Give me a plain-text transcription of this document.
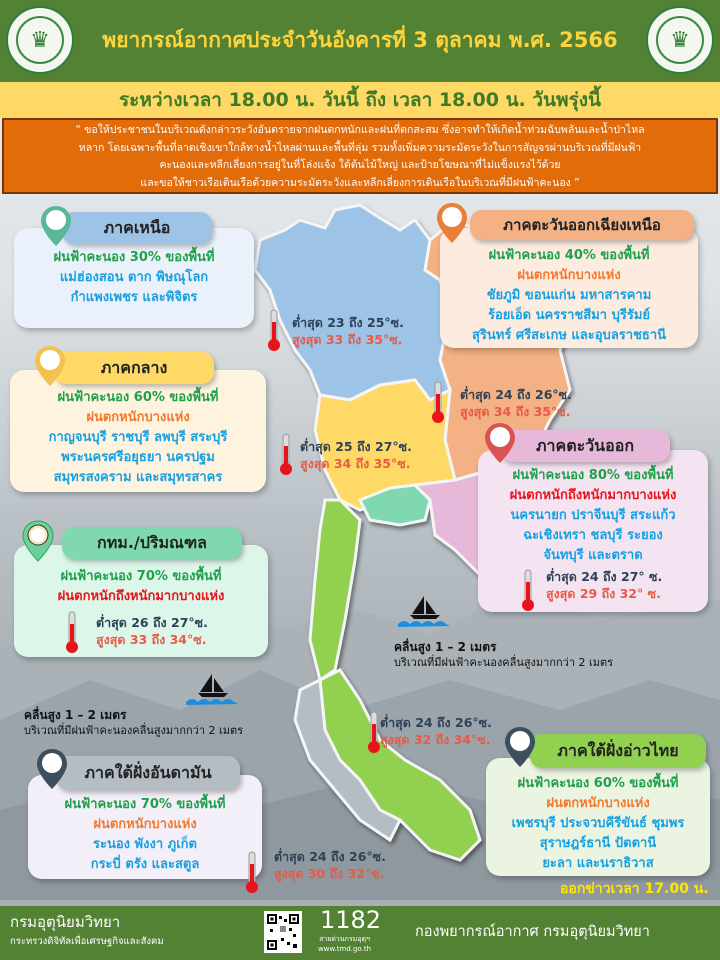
♛	พยากรณ์อากาศประจำวันอังคารที่ 3 ตุลาคม พ.ศ. 2566	♛
ระหว่างเวลา 18.00 น. วันนี้ ถึง เวลา 18.00 น. วันพรุ่งนี้
“ ขอให้ประชาชนในบริเวณดังกล่าวระวังอันตรายจากฝนตกหนักและฝนที่ตกสะสม ซึ่งอาจทำให้เกิดน้ำท่วมฉับพลันและน้ำป่าไหล
หลาก โดยเฉพาะพื้นที่ลาดเชิงเขาใกล้ทางน้ำไหลผ่านและพื้นที่ลุ่ม รวมทั้งเพิ่มความระมัดระวังในการสัญจรผ่านบริเวณที่มีฝนฟ้า
คะนองและหลีกเลี่ยงการอยู่ในที่โล่งแจ้ง ใต้ต้นไม้ใหญ่ และป้ายโฆษณาที่ไม่แข็งแรงไว้ด้วย
และขอให้ชาวเรือเดินเรือด้วยความระมัดระวังและหลีกเลี่ยงการเดินเรือในบริเวณที่มีฝนฟ้าคะนอง ”
ฝนฟ้าคะนอง 30% ของพื้นที่
แม่ฮ่องสอน ตาก พิษณุโลก
กำแพงเพชร และพิจิตร
ภาคเหนือ
ฝนฟ้าคะนอง 40% ของพื้นที่
ฝนตกหนักบางแห่ง
ชัยภูมิ ขอนแก่น มหาสารคาม
ร้อยเอ็ด นครราชสีมา บุรีรัมย์
สุรินทร์ ศรีสะเกษ และอุบลราชธานี
ภาคตะวันออกเฉียงเหนือ
ฝนฟ้าคะนอง 60% ของพื้นที่
ฝนตกหนักบางแห่ง
กาญจนบุรี ราชบุรี ลพบุรี สระบุรี
พระนครศรีอยุธยา นครปฐม
สมุทรสงคราม และสมุทรสาคร
ภาคกลาง
ฝนฟ้าคะนอง 80% ของพื้นที่
ฝนตกหนักถึงหนักมากบางแห่ง
นครนายก ปราจีนบุรี สระแก้ว
ฉะเชิงเทรา ชลบุรี ระยอง
จันทบุรี และตราด
ภาคตะวันออก
ต่ำสุด 24 ถึง 27° ซ.
สูงสุด 29 ถึง 32° ซ.
ฝนฟ้าคะนอง 70% ของพื้นที่
ฝนตกหนักถึงหนักมากบางแห่ง
กทม./ปริมณฑล
ต่ำสุด 26 ถึง 27°ซ.
สูงสุด 33 ถึง 34°ซ.
ฝนฟ้าคะนอง 70% ของพื้นที่
ฝนตกหนักบางแห่ง
ระนอง พังงา ภูเก็ต
กระบี่ ตรัง และสตูล
ภาคใต้ฝั่งอันดามัน
ต่ำสุด 24 ถึง 26°ซ.
สูงสุด 30 ถึง 32°ซ.
ฝนฟ้าคะนอง 60% ของพื้นที่
ฝนตกหนักบางแห่ง
เพชรบุรี ประจวบคีรีขันธ์ ชุมพร
สุราษฎร์ธานี ปัตตานี
ยะลา และนราธิวาส
ภาคใต้ฝั่งอ่าวไทย
ต่ำสุด 23 ถึง 25°ซ.
สูงสุด 33 ถึง 35°ซ.
ต่ำสุด 24 ถึง 26°ซ.
สูงสุด 34 ถึง 35°ซ.
ต่ำสุด 25 ถึง 27°ซ.
สูงสุด 34 ถึง 35°ซ.
ต่ำสุด 24 ถึง 26°ซ.
สูงสุด 32 ถึง 34°ซ.
คลื่นสูง 1 – 2 เมตร
บริเวณที่มีฝนฟ้าคะนองคลื่นสูงมากกว่า 2 เมตร
คลื่นสูง 1 – 2 เมตร
บริเวณที่มีฝนฟ้าคะนองคลื่นสูงมากกว่า 2 เมตร
ออกข่าวเวลา 17.00 น.
กรมอุตุนิยมวิทยา
กระทรวงดิจิทัลเพื่อเศรษฐกิจและสังคม
1182
สายด่วนกรมอุตุฯ
www.tmd.go.th
กองพยากรณ์อากาศ กรมอุตุนิยมวิทยา
